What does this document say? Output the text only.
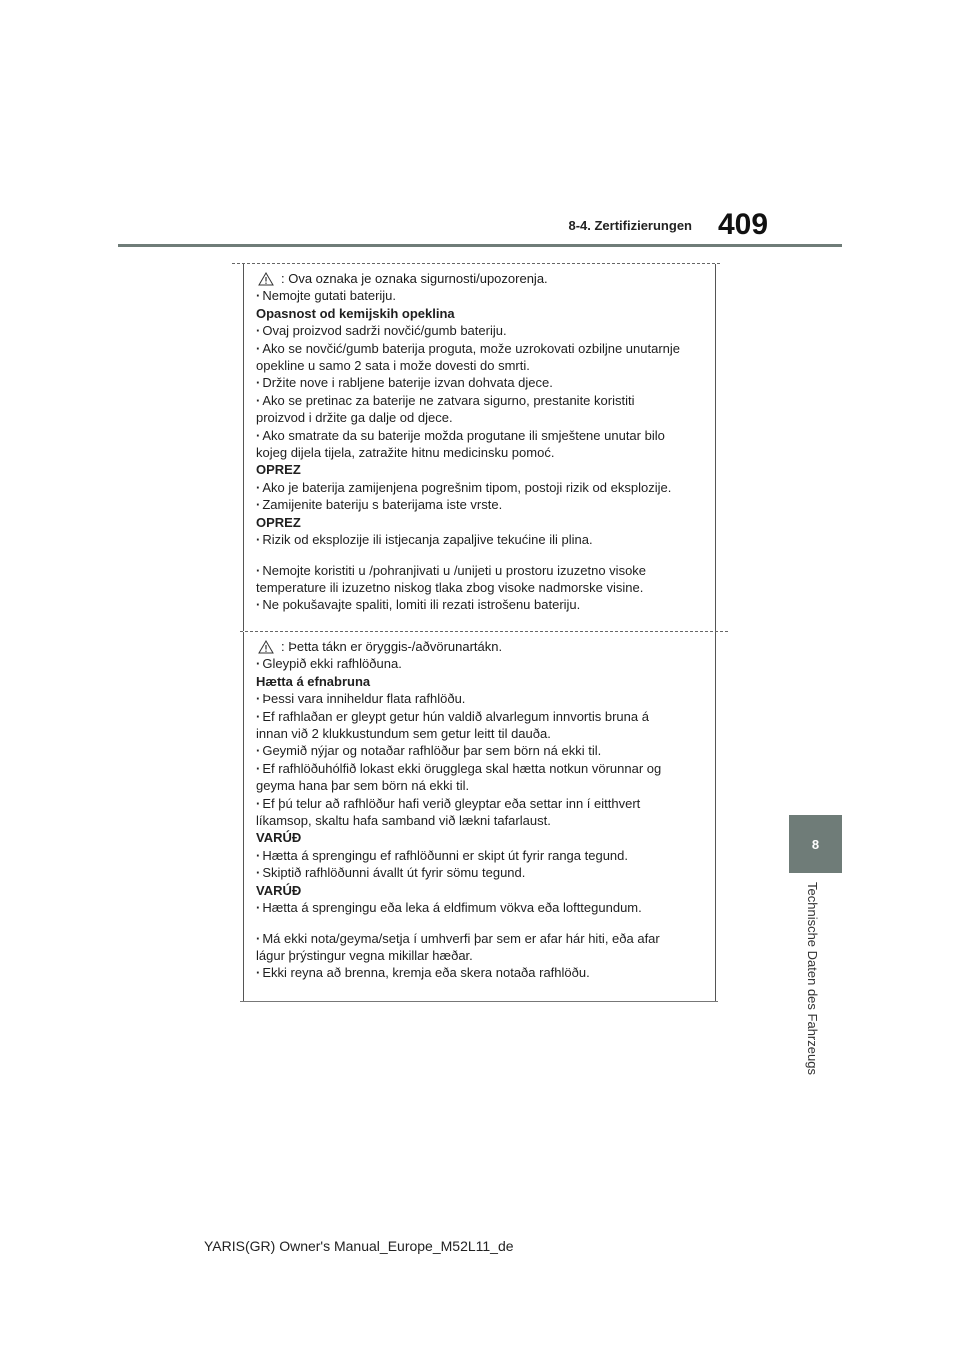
8-4. Zertifizierungen 409
8
Technische Daten des Fahrzeugs
: Ova oznaka je oznaka sigurnosti/upozorenja.
· Nemojte gutati bateriju.
Opasnost od kemijskih opeklina
· Ovaj proizvod sadrži novčić/gumb bateriju.
· Ako se novčić/gumb baterija proguta, može uzrokovati ozbiljne unutarnje
opekline u samo 2 sata i može dovesti do smrti.
· Držite nove i rabljene baterije izvan dohvata djece.
· Ako se pretinac za baterije ne zatvara sigurno, prestanite koristiti
proizvod i držite ga dalje od djece.
· Ako smatrate da su baterije možda progutane ili smještene unutar bilo
kojeg dijela tijela, zatražite hitnu medicinsku pomoć.
OPREZ
· Ako je baterija zamijenjena pogrešnim tipom, postoji rizik od eksplozije.
· Zamijenite bateriju s baterijama iste vrste.
OPREZ
· Rizik od eksplozije ili istjecanja zapaljive tekućine ili plina.
· Nemojte koristiti u /pohranjivati u /unijeti u prostoru izuzetno visoke
temperature ili izuzetno niskog tlaka zbog visoke nadmorske visine.
· Ne pokušavajte spaliti, lomiti ili rezati istrošenu bateriju.
: Þetta tákn er öryggis-/aðvörunartákn.
· Gleypið ekki rafhlöðuna.
Hætta á efnabruna
· Þessi vara inniheldur flata rafhlöðu.
· Ef rafhlaðan er gleypt getur hún valdið alvarlegum innvortis bruna á
innan við 2 klukkustundum sem getur leitt til dauða.
· Geymið nýjar og notaðar rafhlöður þar sem börn ná ekki til.
· Ef rafhlöðuhólfið lokast ekki örugglega skal hætta notkun vörunnar og
geyma hana þar sem börn ná ekki til.
· Ef þú telur að rafhlöður hafi verið gleyptar eða settar inn í eitthvert
líkamsop, skaltu hafa samband við lækni tafarlaust.
VARÚÐ
· Hætta á sprengingu ef rafhlöðunni er skipt út fyrir ranga tegund.
· Skiptið rafhlöðunni ávallt út fyrir sömu tegund.
VARÚÐ
· Hætta á sprengingu eða leka á eldfimum vökva eða lofttegundum.
· Má ekki nota/geyma/setja í umhverfi þar sem er afar hár hiti, eða afar
lágur þrýstingur vegna mikillar hæðar.
· Ekki reyna að brenna, kremja eða skera notaða rafhlöðu.
YARIS(GR) Owner's Manual_Europe_M52L11_de
